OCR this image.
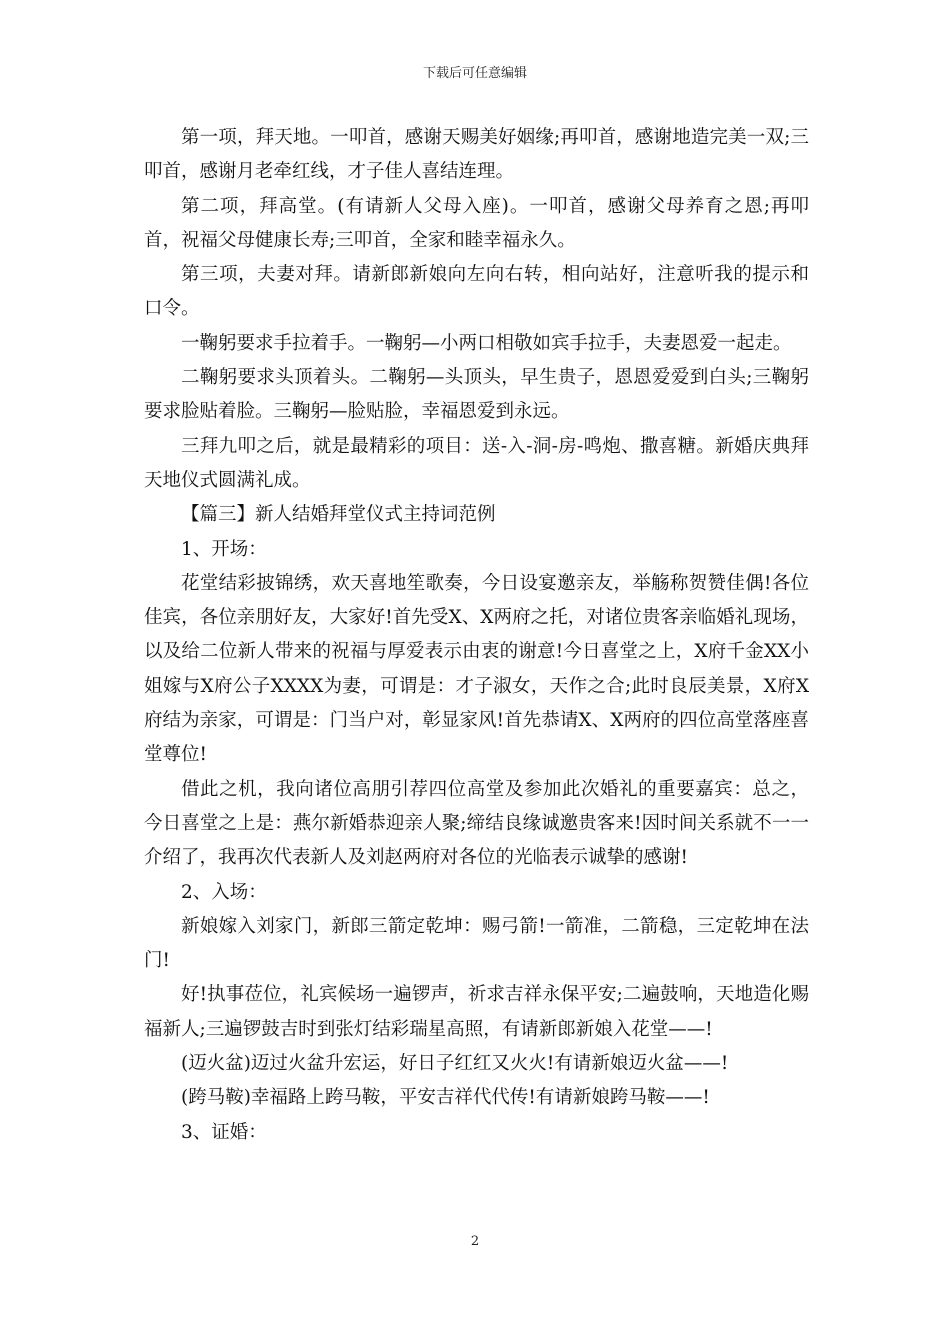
下载后可任意编辑

第一项，拜天地。一叩首，感谢天赐美好姻缘;再叩首，感谢地造完美一双;三叩首，感谢月老牵红线，才子佳人喜结连理。

第二项，拜高堂。(有请新人父母入座)。一叩首，感谢父母养育之恩;再叩首，祝福父母健康长寿;三叩首，全家和睦幸福永久。

第三项，夫妻对拜。请新郎新娘向左向右转，相向站好，注意听我的提示和口令。

一鞠躬要求手拉着手。一鞠躬—小两口相敬如宾手拉手，夫妻恩爱一起走。

二鞠躬要求头顶着头。二鞠躬—头顶头，早生贵子，恩恩爱爱到白头;三鞠躬要求脸贴着脸。三鞠躬—脸贴脸，幸福恩爱到永远。

三拜九叩之后，就是最精彩的项目：送-入-洞-房-鸣炮、撒喜糖。新婚庆典拜天地仪式圆满礼成。

【篇三】新人结婚拜堂仪式主持词范例

1、开场：

花堂结彩披锦绣，欢天喜地笙歌奏，今日设宴邀亲友，举觞称贺赞佳偶!各位佳宾，各位亲朋好友，大家好!首先受X、X两府之托，对诸位贵客亲临婚礼现场，以及给二位新人带来的祝福与厚爱表示由衷的谢意!今日喜堂之上，X府千金XX小姐嫁与X府公子XXXX为妻，可谓是：才子淑女，天作之合;此时良辰美景，X府X府结为亲家，可谓是：门当户对，彰显家风!首先恭请X、X两府的四位高堂落座喜堂尊位!

借此之机，我向诸位高朋引荐四位高堂及参加此次婚礼的重要嘉宾：总之，今日喜堂之上是：燕尔新婚恭迎亲人聚;缔结良缘诚邀贵客来!因时间关系就不一一介绍了，我再次代表新人及刘赵两府对各位的光临表示诚挚的感谢!

2、入场：

新娘嫁入刘家门，新郎三箭定乾坤：赐弓箭!一箭准，二箭稳，三定乾坤在法门!

好!执事莅位，礼宾候场一遍锣声，祈求吉祥永保平安;二遍鼓响，天地造化赐福新人;三遍锣鼓吉时到张灯结彩瑞星高照，有请新郎新娘入花堂——!

(迈火盆)迈过火盆升宏运，好日子红红又火火!有请新娘迈火盆——!

(跨马鞍)幸福路上跨马鞍，平安吉祥代代传!有请新娘跨马鞍——!

3、证婚：

2
